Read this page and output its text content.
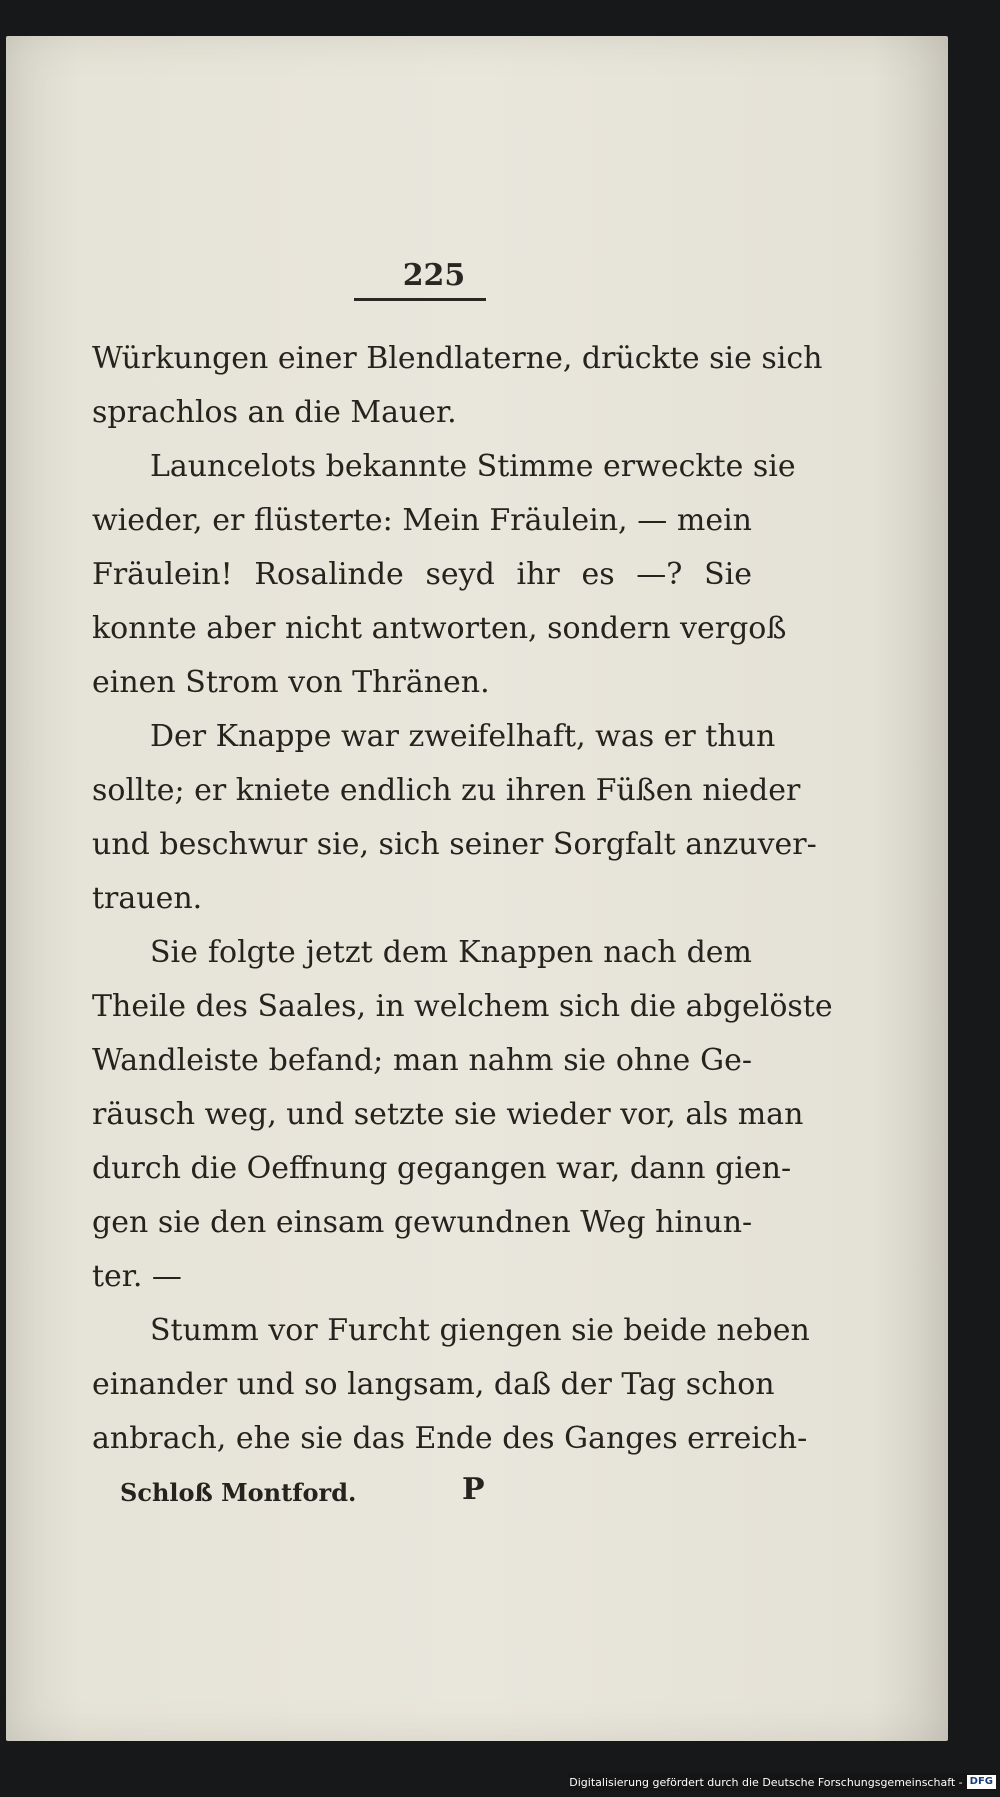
225
Würkungen einer Blendlaterne, drückte sie sich
sprachlos an die Mauer.
Launcelots bekannte Stimme erweckte sie
wieder, er flüsterte: Mein Fräulein, — mein
Fräulein! Rosalinde seyd ihr es —? Sie
konnte aber nicht antworten, sondern vergoß
einen Strom von Thränen.
Der Knappe war zweifelhaft, was er thun
sollte; er kniete endlich zu ihren Füßen nieder
und beschwur sie, sich seiner Sorgfalt anzuver-
trauen.
Sie folgte jetzt dem Knappen nach dem
Theile des Saales, in welchem sich die abgelöste
Wandleiste befand; man nahm sie ohne Ge-
räusch weg, und setzte sie wieder vor, als man
durch die Oeffnung gegangen war, dann gien-
gen sie den einsam gewundnen Weg hinun-
ter. —
Stumm vor Furcht giengen sie beide neben
einander und so langsam, daß der Tag schon
anbrach, ehe sie das Ende des Ganges erreich-
Schloß Montford.	P
Digitalisierung gefördert durch die Deutsche Forschungsgemeinschaft - DFG
